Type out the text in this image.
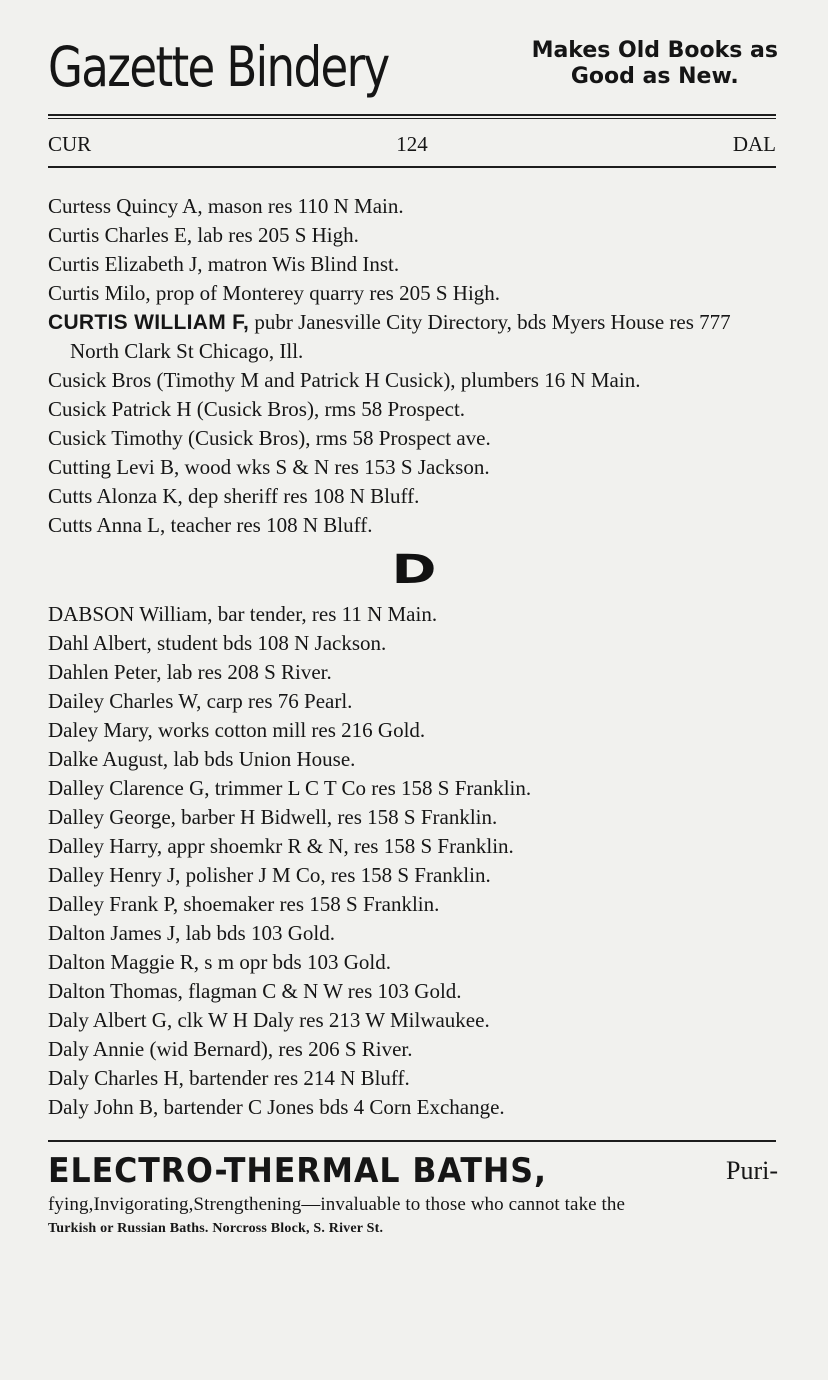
Gazette Bindery	Makes Old Books as
Good as New.
CUR	124	DAL
Curtess Quincy A, mason res 110 N Main.
Curtis Charles E, lab res 205 S High.
Curtis Elizabeth J, matron Wis Blind Inst.
Curtis Milo, prop of Monterey quarry res 205 S High.
CURTIS WILLIAM F, pubr Janesville City Directory, bds Myers House res 777 North Clark St Chicago, Ill.
Cusick Bros (Timothy M and Patrick H Cusick), plumbers 16 N Main.
Cusick Patrick H (Cusick Bros), rms 58 Prospect.
Cusick Timothy (Cusick Bros), rms 58 Prospect ave.
Cutting Levi B, wood wks S & N res 153 S Jackson.
Cutts Alonza K, dep sheriff res 108 N Bluff.
Cutts Anna L, teacher res 108 N Bluff.
D
DABSON William, bar tender, res 11 N Main.
Dahl Albert, student bds 108 N Jackson.
Dahlen Peter, lab res 208 S River.
Dailey Charles W, carp res 76 Pearl.
Daley Mary, works cotton mill res 216 Gold.
Dalke August, lab bds Union House.
Dalley Clarence G, trimmer L C T Co res 158 S Franklin.
Dalley George, barber H Bidwell, res 158 S Franklin.
Dalley Harry, appr shoemkr R & N, res 158 S Franklin.
Dalley Henry J, polisher J M Co, res 158 S Franklin.
Dalley Frank P, shoemaker res 158 S Franklin.
Dalton James J, lab bds 103 Gold.
Dalton Maggie R, s m opr bds 103 Gold.
Dalton Thomas, flagman C & N W res 103 Gold.
Daly Albert G, clk W H Daly res 213 W Milwaukee.
Daly Annie (wid Bernard), res 206 S River.
Daly Charles H, bartender res 214 N Bluff.
Daly John B, bartender C Jones bds 4 Corn Exchange.
ELECTRO-THERMAL BATHS,	Puri-
fying,Invigorating,Strengthening—invaluable to those who cannot take the
Turkish or Russian Baths. Norcross Block, S. River St.
